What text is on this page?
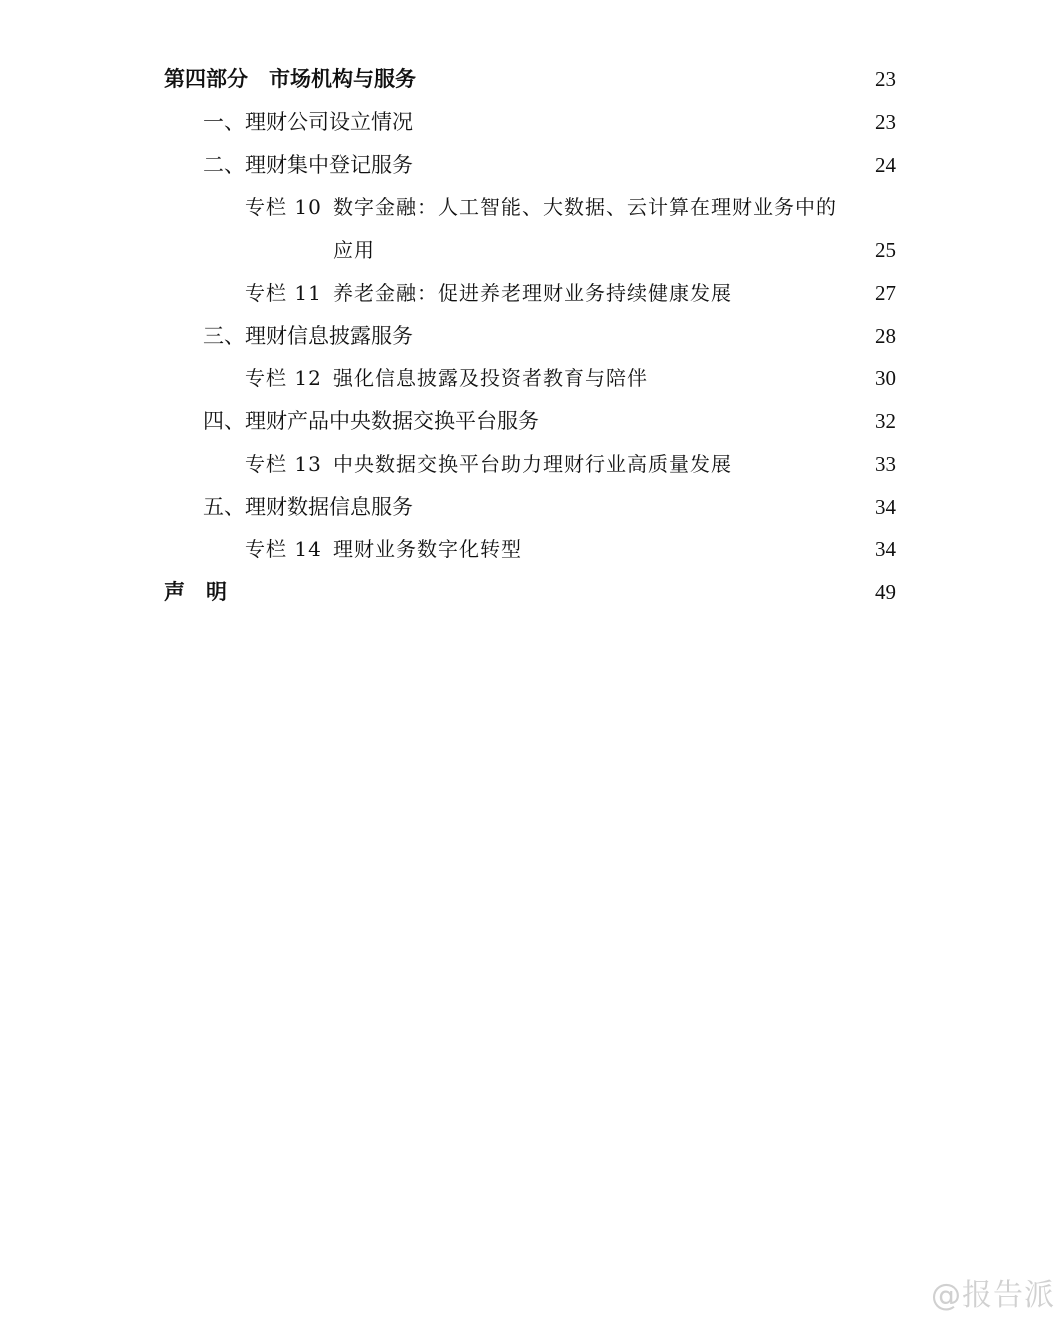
第四部分　市场机构与服务	23
一、理财公司设立情况	23
二、理财集中登记服务	24
专栏 10 数字金融：人工智能、大数据、云计算在理财业务中的
应用	25
专栏 11 养老金融：促进养老理财业务持续健康发展	27
三、理财信息披露服务	28
专栏 12 强化信息披露及投资者教育与陪伴	30
四、理财产品中央数据交换平台服务	32
专栏 13 中央数据交换平台助力理财行业高质量发展	33
五、理财数据信息服务	34
专栏 14 理财业务数字化转型	34
声　明	49
@报告派
